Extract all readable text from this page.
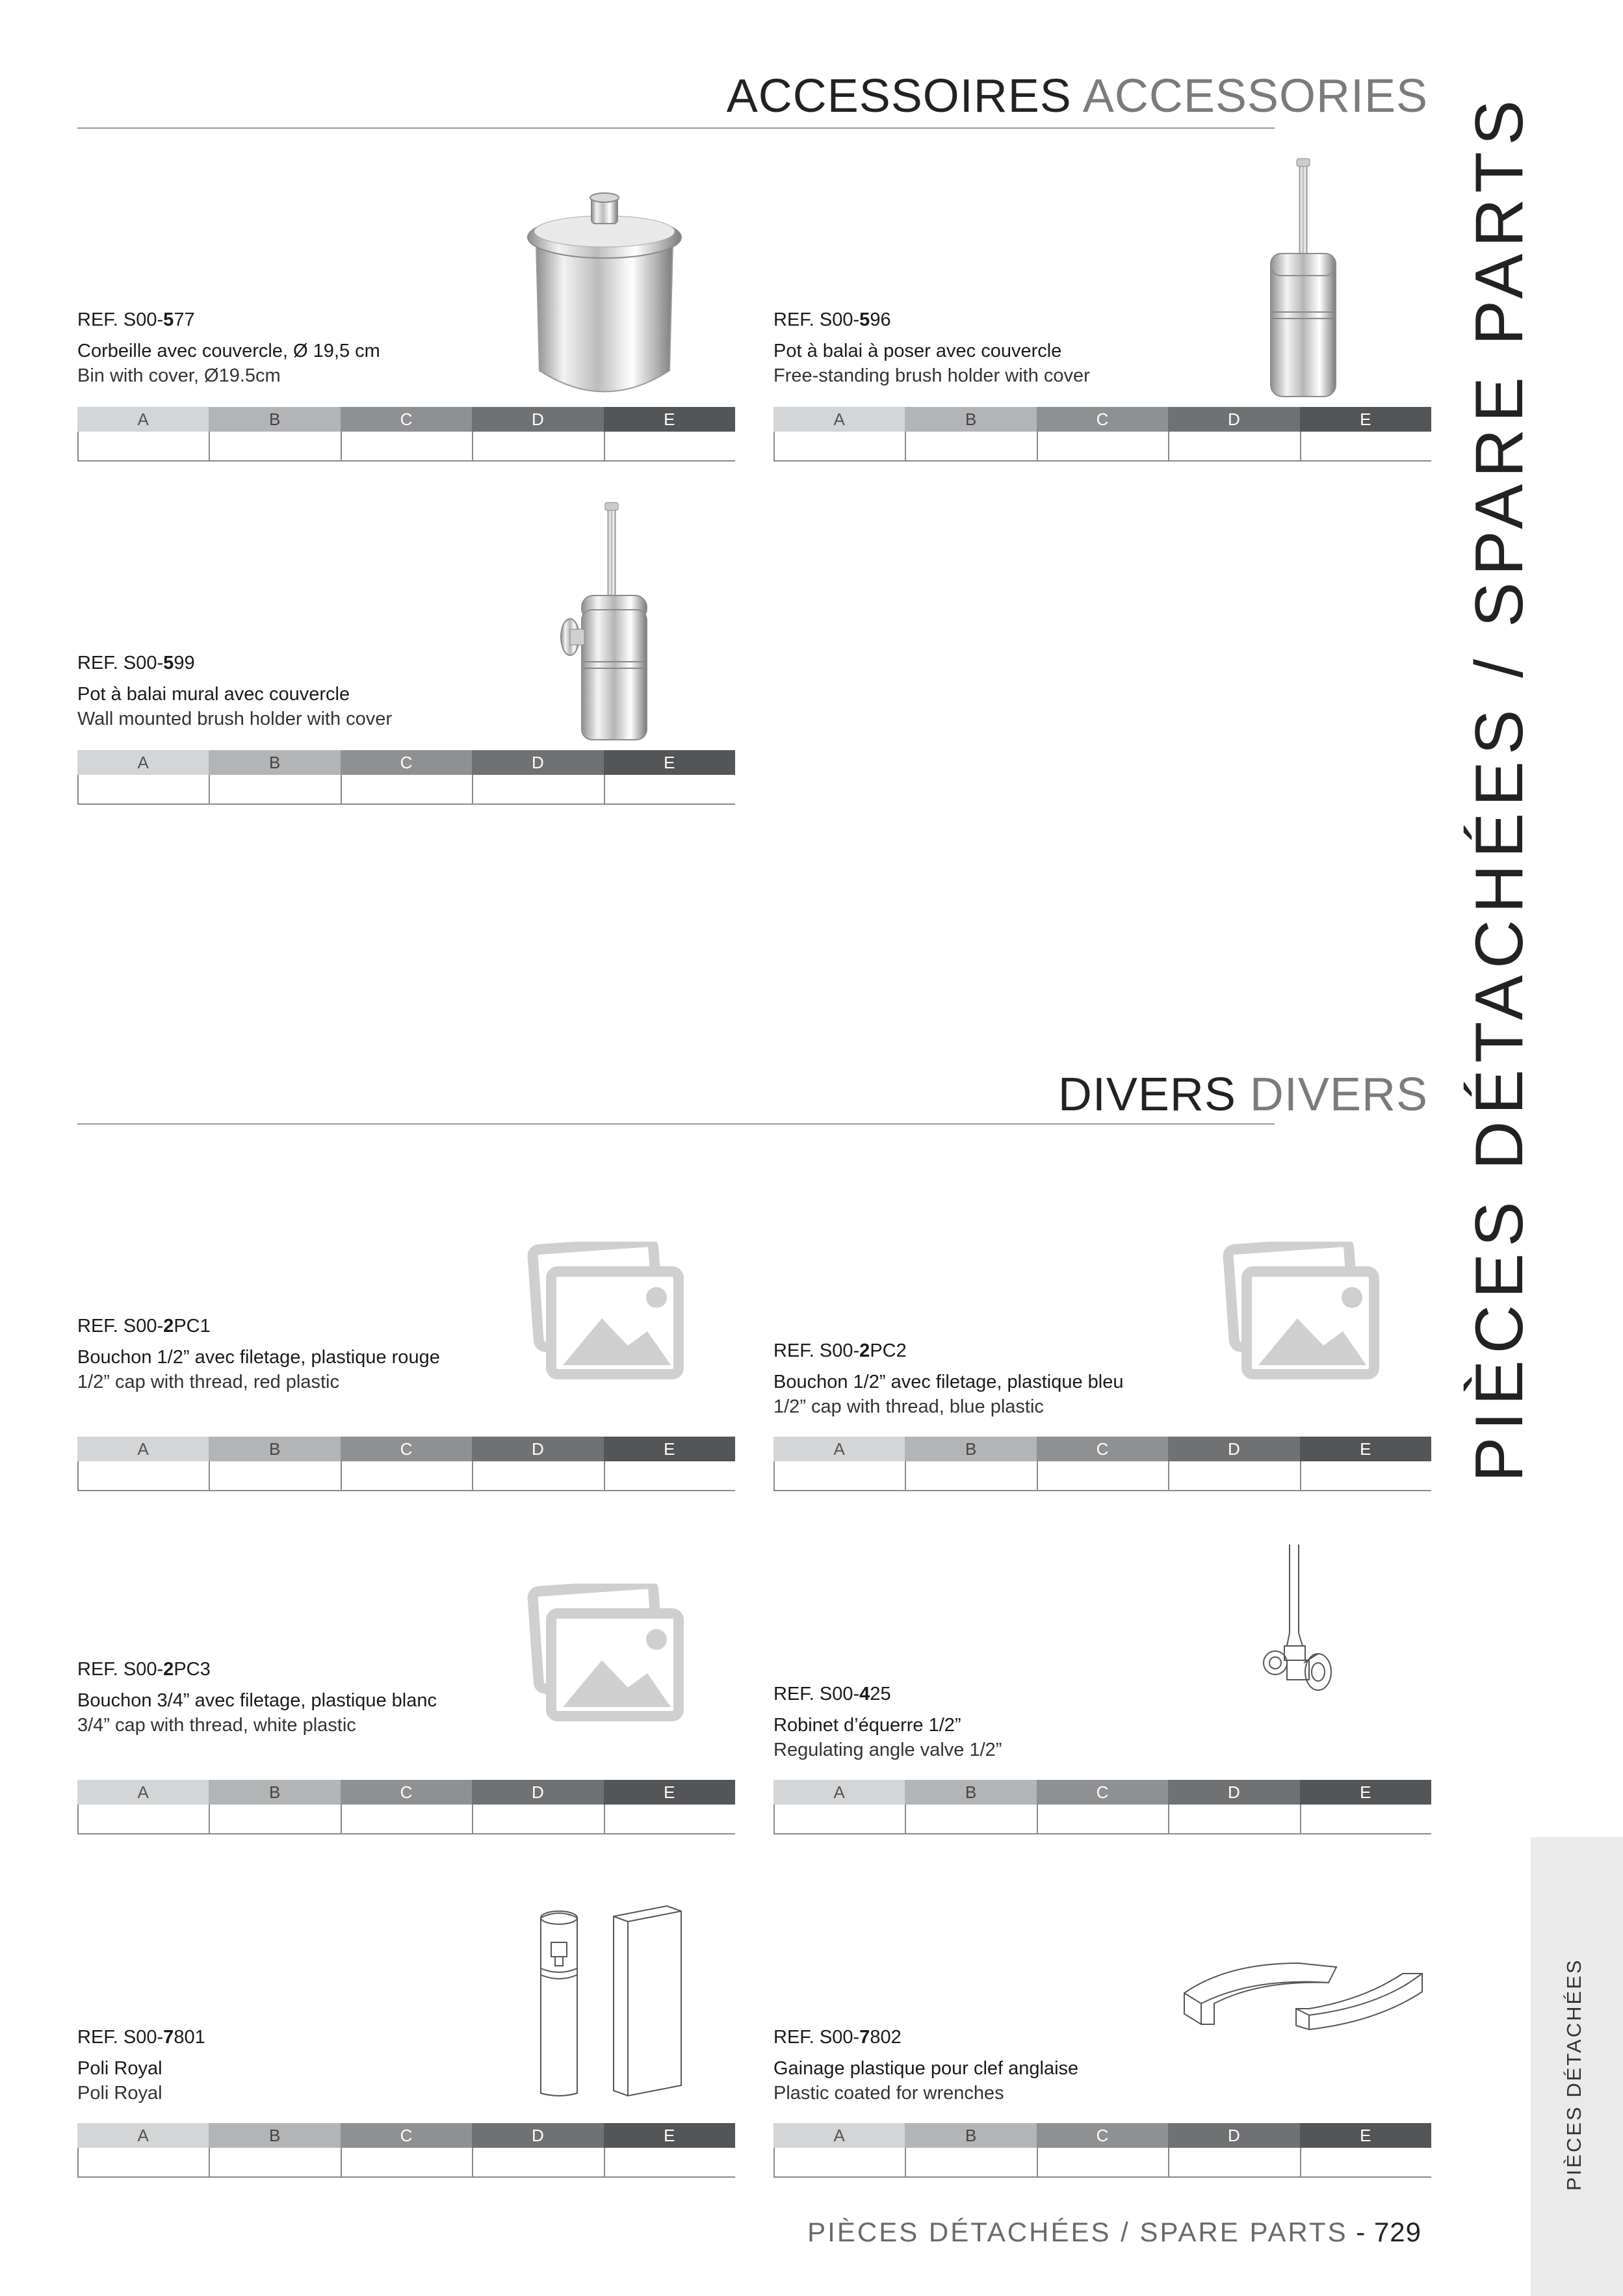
ACCESSOIRES ACCESSORIES
DIVERS DIVERS PIÈCES DÉTACHÉES / SPARE PARTS
PIÈCES DÉTACHÉES
REF. S00-577
Corbeille avec couvercle, Ø 19,5 cm
Bin with cover, Ø19.5cm
A	B	C	D	E
REF. S00-596
Pot à balai à poser avec couvercle
Free-standing brush holder with cover
A	B	C	D	E
REF. S00-599
Pot à balai mural avec couvercle
Wall mounted brush holder with cover
A	B	C	D	E
REF. S00-2PC1
Bouchon 1/2” avec filetage, plastique rouge
1/2” cap with thread, red plastic
A	B	C	D	E
REF. S00-2PC2
Bouchon 1/2” avec filetage, plastique bleu
1/2” cap with thread, blue plastic
A	B	C	D	E
REF. S00-2PC3
Bouchon 3/4” avec filetage, plastique blanc
3/4” cap with thread, white plastic
A	B	C	D	E
REF. S00-425
Robinet d’équerre 1/2”
Regulating angle valve 1/2”
A	B	C	D	E
REF. S00-7801
Poli Royal
Poli Royal
A	B	C	D	E
REF. S00-7802
Gainage plastique pour clef anglaise
Plastic coated for wrenches
A	B	C	D	E
PIÈCES DÉTACHÉES / SPARE PARTS - 729
